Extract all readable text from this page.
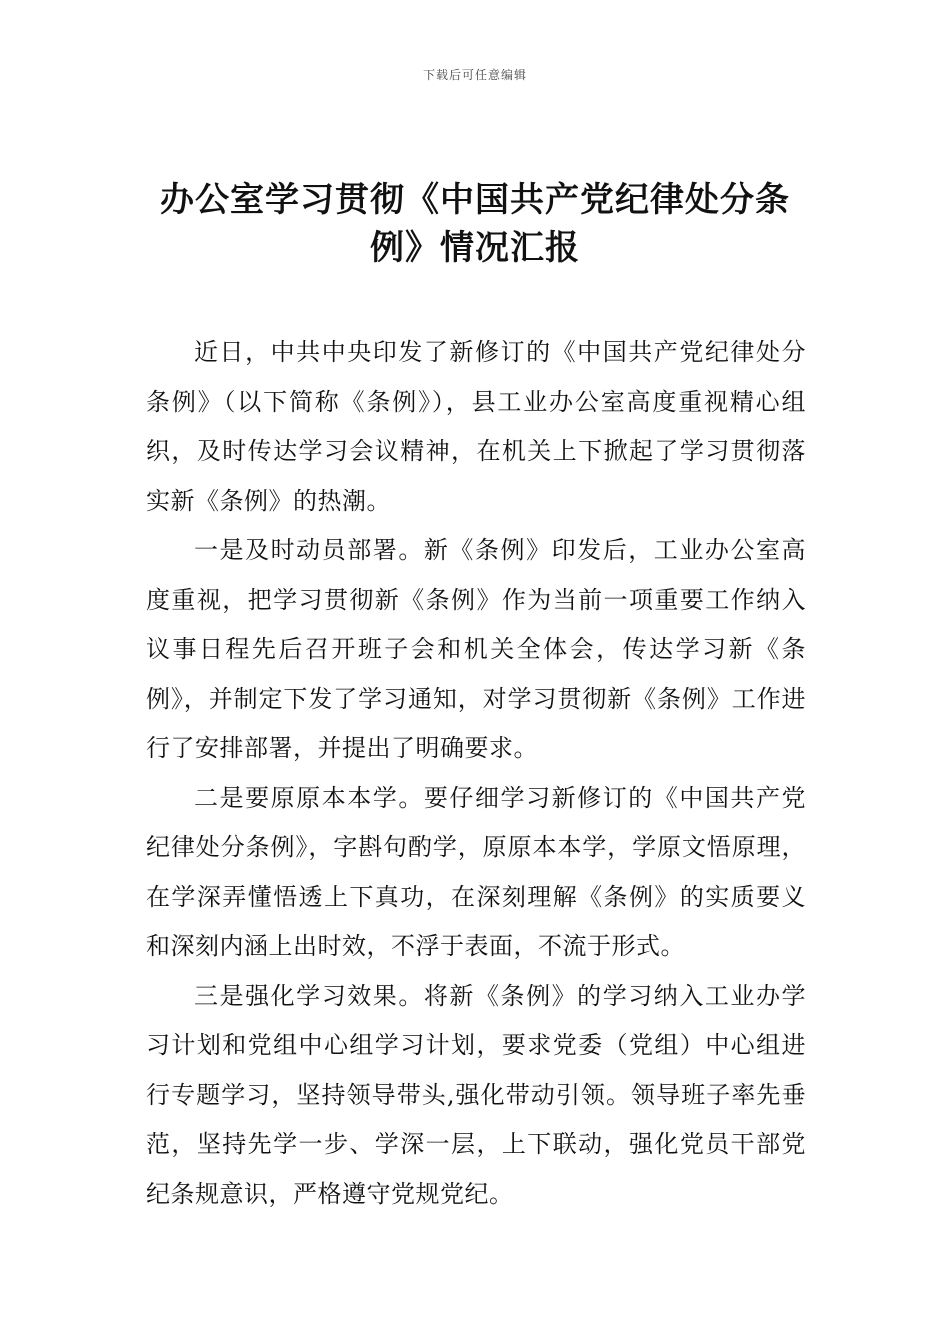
下载后可任意编辑
办公室学习贯彻《中国共产党纪律处分条
例》情况汇报

近日，中共中央印发了新修订的《中国共产党纪律处分条例》（以下简称《条例》），县工业办公室高度重视精心组织，及时传达学习会议精神，在机关上下掀起了学习贯彻落实新《条例》的热潮。

一是及时动员部署。新《条例》印发后，工业办公室高度重视，把学习贯彻新《条例》作为当前一项重要工作纳入议事日程先后召开班子会和机关全体会，传达学习新《条例》，并制定下发了学习通知，对学习贯彻新《条例》工作进行了安排部署，并提出了明确要求。

二是要原原本本学。要仔细学习新修订的《中国共产党纪律处分条例》，字斟句酌学，原原本本学，学原文悟原理，在学深弄懂悟透上下真功，在深刻理解《条例》的实质要义和深刻内涵上出时效，不浮于表面，不流于形式。

三是强化学习效果。将新《条例》的学习纳入工业办学习计划和党组中心组学习计划，要求党委（党组）中心组进行专题学习，坚持领导带头,强化带动引领。领导班子率先垂范，坚持先学一步、学深一层，上下联动，强化党员干部党纪条规意识，严格遵守党规党纪。
